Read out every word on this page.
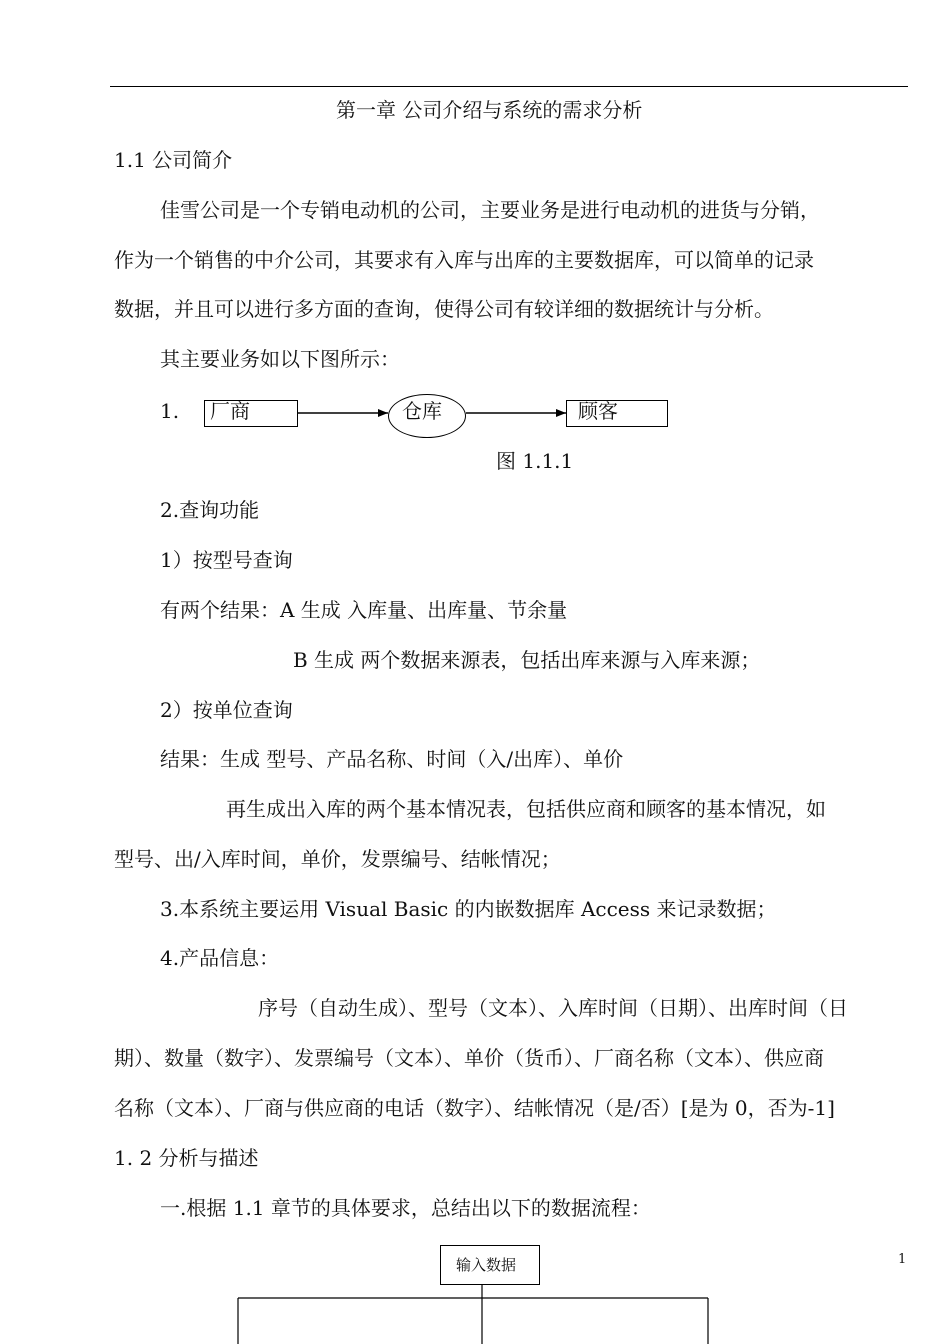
第一章 公司介绍与系统的需求分析
1.1 公司简介
佳雪公司是一个专销电动机的公司，主要业务是进行电动机的进货与分销，
作为一个销售的中介公司，其要求有入库与出库的主要数据库，可以简单的记录
数据，并且可以进行多方面的查询，使得公司有较详细的数据统计与分析。
其主要业务如以下图所示：
1. 厂商	仓库	顾客
图 1.1.1
2.查询功能
1）按型号查询
有两个结果：A 生成 入库量、出库量、节余量
B 生成 两个数据来源表，包括出库来源与入库来源；
2）按单位查询
结果：生成 型号、产品名称、时间（入/出库）、单价
再生成出入库的两个基本情况表，包括供应商和顾客的基本情况，如
型号、出/入库时间，单价，发票编号、结帐情况；
3.本系统主要运用 Visual Basic 的内嵌数据库 Access 来记录数据；
4.产品信息：
序号（自动生成）、型号（文本）、入库时间（日期）、出库时间（日
期）、数量（数字）、发票编号（文本）、单价（货币）、厂商名称（文本）、供应商
名称（文本）、厂商与供应商的电话（数字）、结帐情况（是/否）[是为 0，否为-1]
1. 2 分析与描述
一.根据 1.1 章节的具体要求，总结出以下的数据流程：
输入数据	1
